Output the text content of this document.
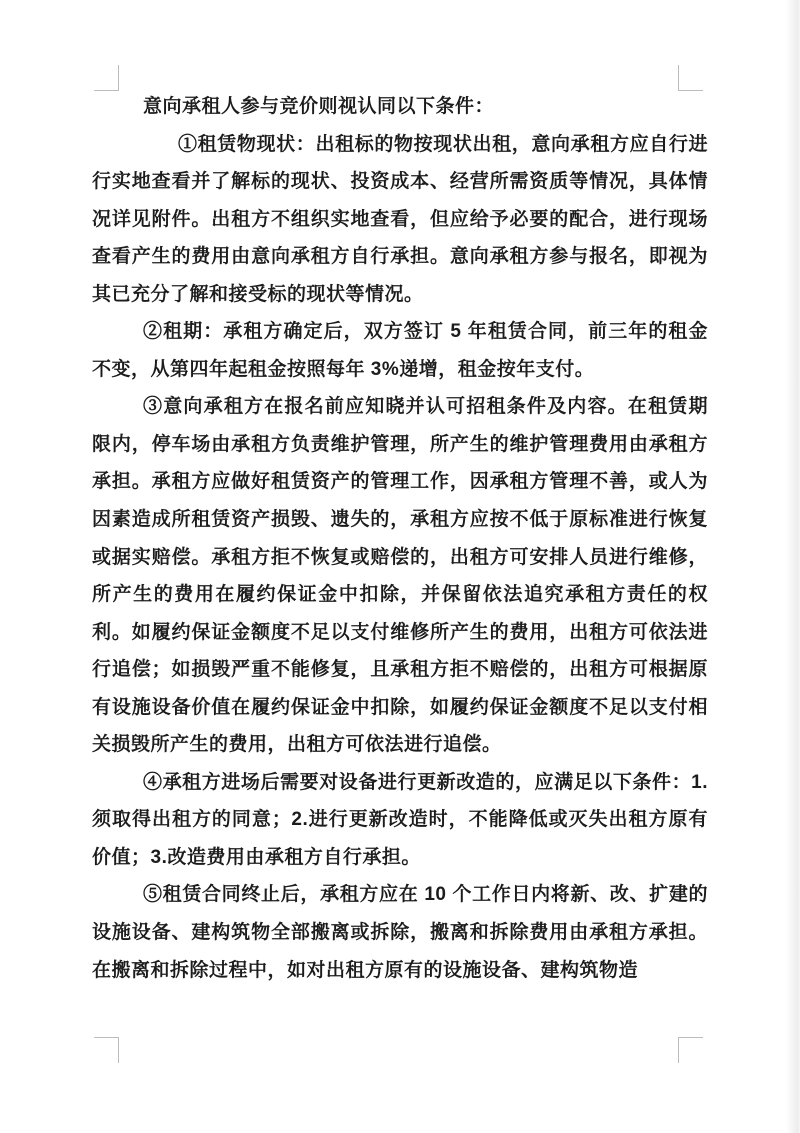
意向承租人参与竞价则视认同以下条件：

①租赁物现状：出租标的物按现状出租，意向承租方应自行进行实地查看并了解标的现状、投资成本、经营所需资质等情况，具体情况详见附件。出租方不组织实地查看，但应给予必要的配合，进行现场查看产生的费用由意向承租方自行承担。意向承租方参与报名，即视为其已充分了解和接受标的现状等情况。

②租期：承租方确定后，双方签订 5 年租赁合同，前三年的租金不变，从第四年起租金按照每年 3%递增，租金按年支付。

③意向承租方在报名前应知晓并认可招租条件及内容。在租赁期限内，停车场由承租方负责维护管理，所产生的维护管理费用由承租方承担。承租方应做好租赁资产的管理工作，因承租方管理不善，或人为因素造成所租赁资产损毁、遗失的，承租方应按不低于原标准进行恢复或据实赔偿。承租方拒不恢复或赔偿的，出租方可安排人员进行维修，所产生的费用在履约保证金中扣除，并保留依法追究承租方责任的权利。如履约保证金额度不足以支付维修所产生的费用，出租方可依法进行追偿；如损毁严重不能修复，且承租方拒不赔偿的，出租方可根据原有设施设备价值在履约保证金中扣除，如履约保证金额度不足以支付相关损毁所产生的费用，出租方可依法进行追偿。

④承租方进场后需要对设备进行更新改造的，应满足以下条件：1.须取得出租方的同意；2.进行更新改造时，不能降低或灭失出租方原有价值；3.改造费用由承租方自行承担。

⑤租赁合同终止后，承租方应在 10 个工作日内将新、改、扩建的设施设备、建构筑物全部搬离或拆除，搬离和拆除费用由承租方承担。在搬离和拆除过程中，如对出租方原有的设施设备、建构筑物造
